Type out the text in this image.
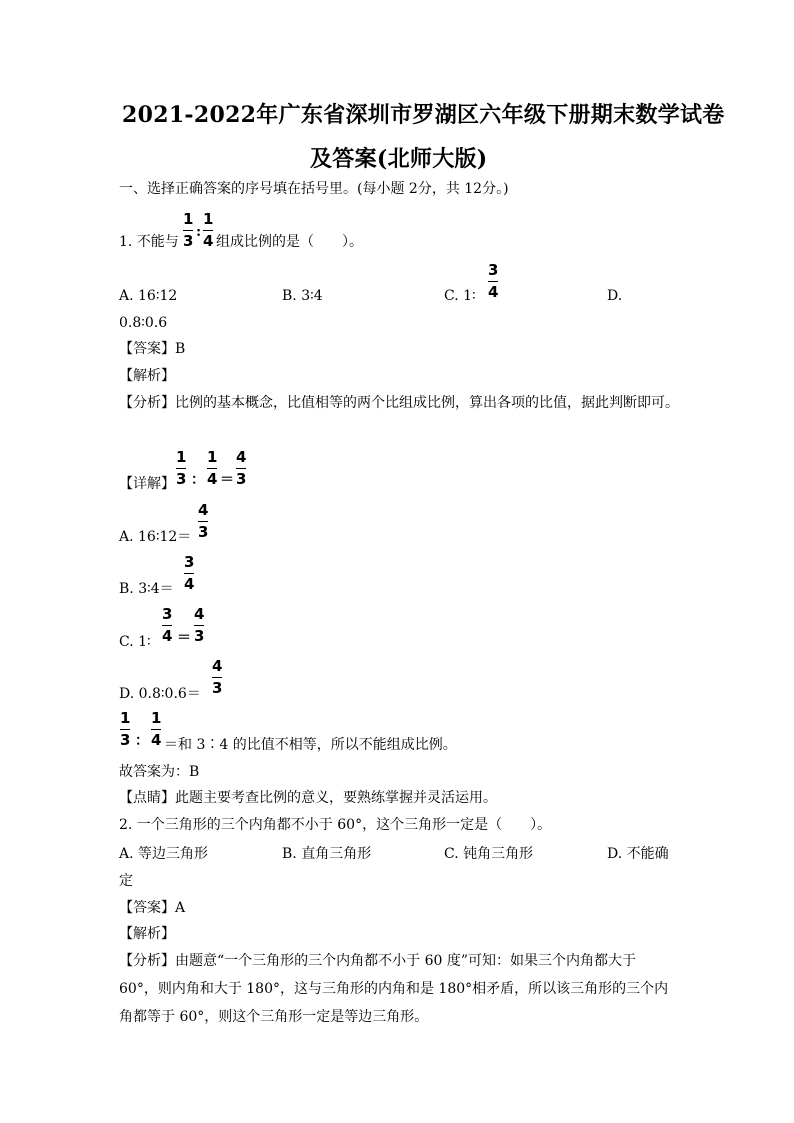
2021-2022年广东省深圳市罗湖区六年级下册期末数学试卷
及答案(北师大版)
一、选择正确答案的序号填在括号里。(每小题 2分，共 12分。)
1. 不能与
1
3 :
1
4 组成比例的是（　　）。
A. 16∶12	B. 3∶4	C. 1∶
3
4	D.
0.8∶0.6
【答案】B
【解析】
【分析】比例的基本概念，比值相等的两个比组成比例，算出各项的比值，据此判断即可。
【详解】
1
3 ：
1
4 ＝
4
3
A. 16∶12＝
4
3
B. 3∶4＝
3
4
C. 1∶
3
4 ＝
4
3
D. 0.8∶0.6＝
4
3
1
3 ：
1
4 ＝和 3∶4 的比值不相等，所以不能组成比例。
故答案为：B
【点睛】此题主要考查比例的意义，要熟练掌握并灵活运用。
2. 一个三角形的三个内角都不小于 60°，这个三角形一定是（　　）。
A. 等边三角形	B. 直角三角形	C. 钝角三角形	D. 不能确
定
【答案】A
【解析】
【分析】由题意“一个三角形的三个内角都不小于 60 度”可知：如果三个内角都大于
60°，则内角和大于 180°，这与三角形的内角和是 180°相矛盾，所以该三角形的三个内
角都等于 60°，则这个三角形一定是等边三角形。
